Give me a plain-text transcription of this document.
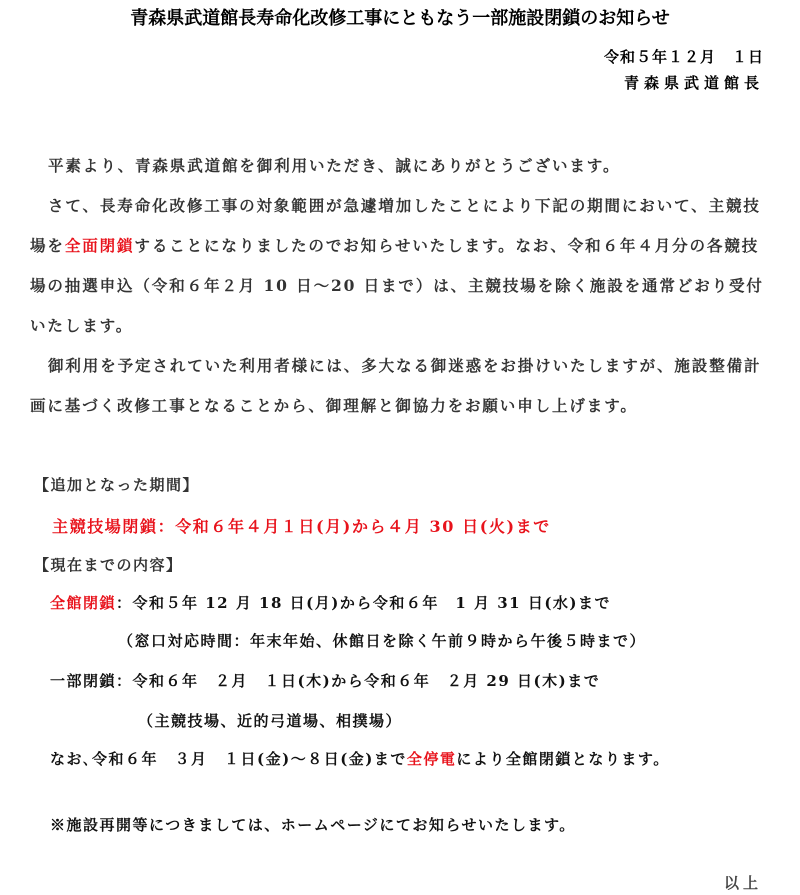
青森県武道館長寿命化改修工事にともなう一部施設閉鎖のお知らせ
令和５年１２月　１日
青森県武道館長

平素より、青森県武道館を御利用いただき、誠にありがとうございます。

さて、長寿命化改修工事の対象範囲が急遽増加したことにより下記の期間において、主競技場を全面閉鎖することになりましたのでお知らせいたします。なお、令和６年４月分の各競技場の抽選申込（令和６年２月 10 日～20 日まで）は、主競技場を除く施設を通常どおり受付いたします。

御利用を予定されていた利用者様には、多大なる御迷惑をお掛けいたしますが、施設整備計画に基づく改修工事となることから、御理解と御協力をお願い申し上げます。

【追加となった期間】

主競技場閉鎖：令和６年４月１日(月)から４月 30 日(火)まで

【現在までの内容】

全館閉鎖：令和５年 12 月 18 日(月)から令和６年　1 月 31 日(水)まで

（窓口対応時間：年末年始、休館日を除く午前９時から午後５時まで）

一部閉鎖：令和６年　２月　１日(木)から令和６年　２月 29 日(木)まで

（主競技場、近的弓道場、相撲場）

なお､令和６年　３月　１日(金)～８日(金)まで全停電により全館閉鎖となります。

※施設再開等につきましては、ホームページにてお知らせいたします。

以上
